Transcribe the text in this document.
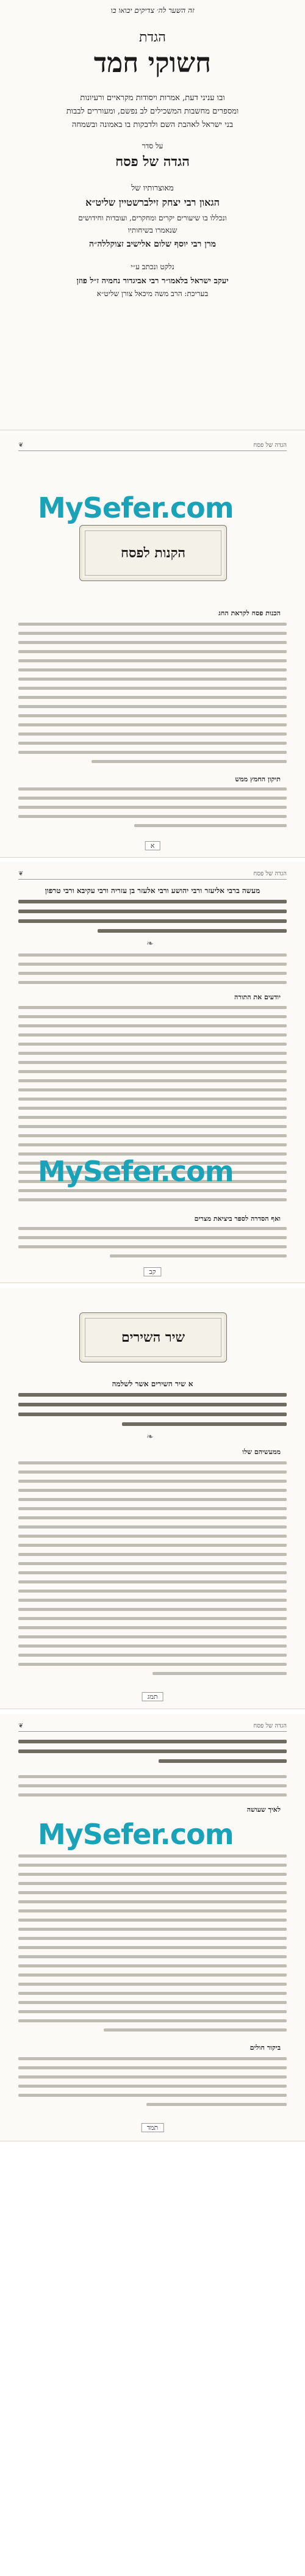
זה השער לה׳ צדיקים יבואו בו
הגדת
חשוקי חמד
ובו עניני דעת, אמרות ויסודות מקראיים ורעיונות
ומספרים מחשבות המשכילים לב נפשם, ומעוררים לבבות
בני ישראל לאהבת השם ולדבקות בו באמונה ובשמחה
על סדר
הגדה של פסח
מאוצרותיו של
הגאון רבי יצחק זילברשטיין שליט״א
ונכללו בו שיעורים יקרים ומחקרים, ועובדות וחידושים
שנאמרו בשיחותיו
מרן רבי יוסף שלום אלישיב זצוקללה״ה
נלקט ונכתב ע״י
יעקב ישראל בלאמו״ר רבי אביגדור נחמיה ז״ל פוזן
בעריכת: הרב משה מיכאל צורן שליט״א
הגדה של פסח
❦
MySefer.com
הקנות לפסח
הכנות פסח לקראת החג
תיקון החמץ ממש
א
הגדה של פסח
❦
מעשה ברבי אליעזר ורבי יהושע ורבי אלעזר בן עזריה ורבי עקיבא ורבי טרפון
❧
יודעים את התורה
MySefer.com
ואף הסדרה לספר ביציאת מצרים
קב
שיר השירים
א שיר השירים אשר לשלמה
❧
ממעשיהם שלו
תמג
הגדה של פסח
❦
לאיך שעושה
MySefer.com
ביקור חולים
תמד
